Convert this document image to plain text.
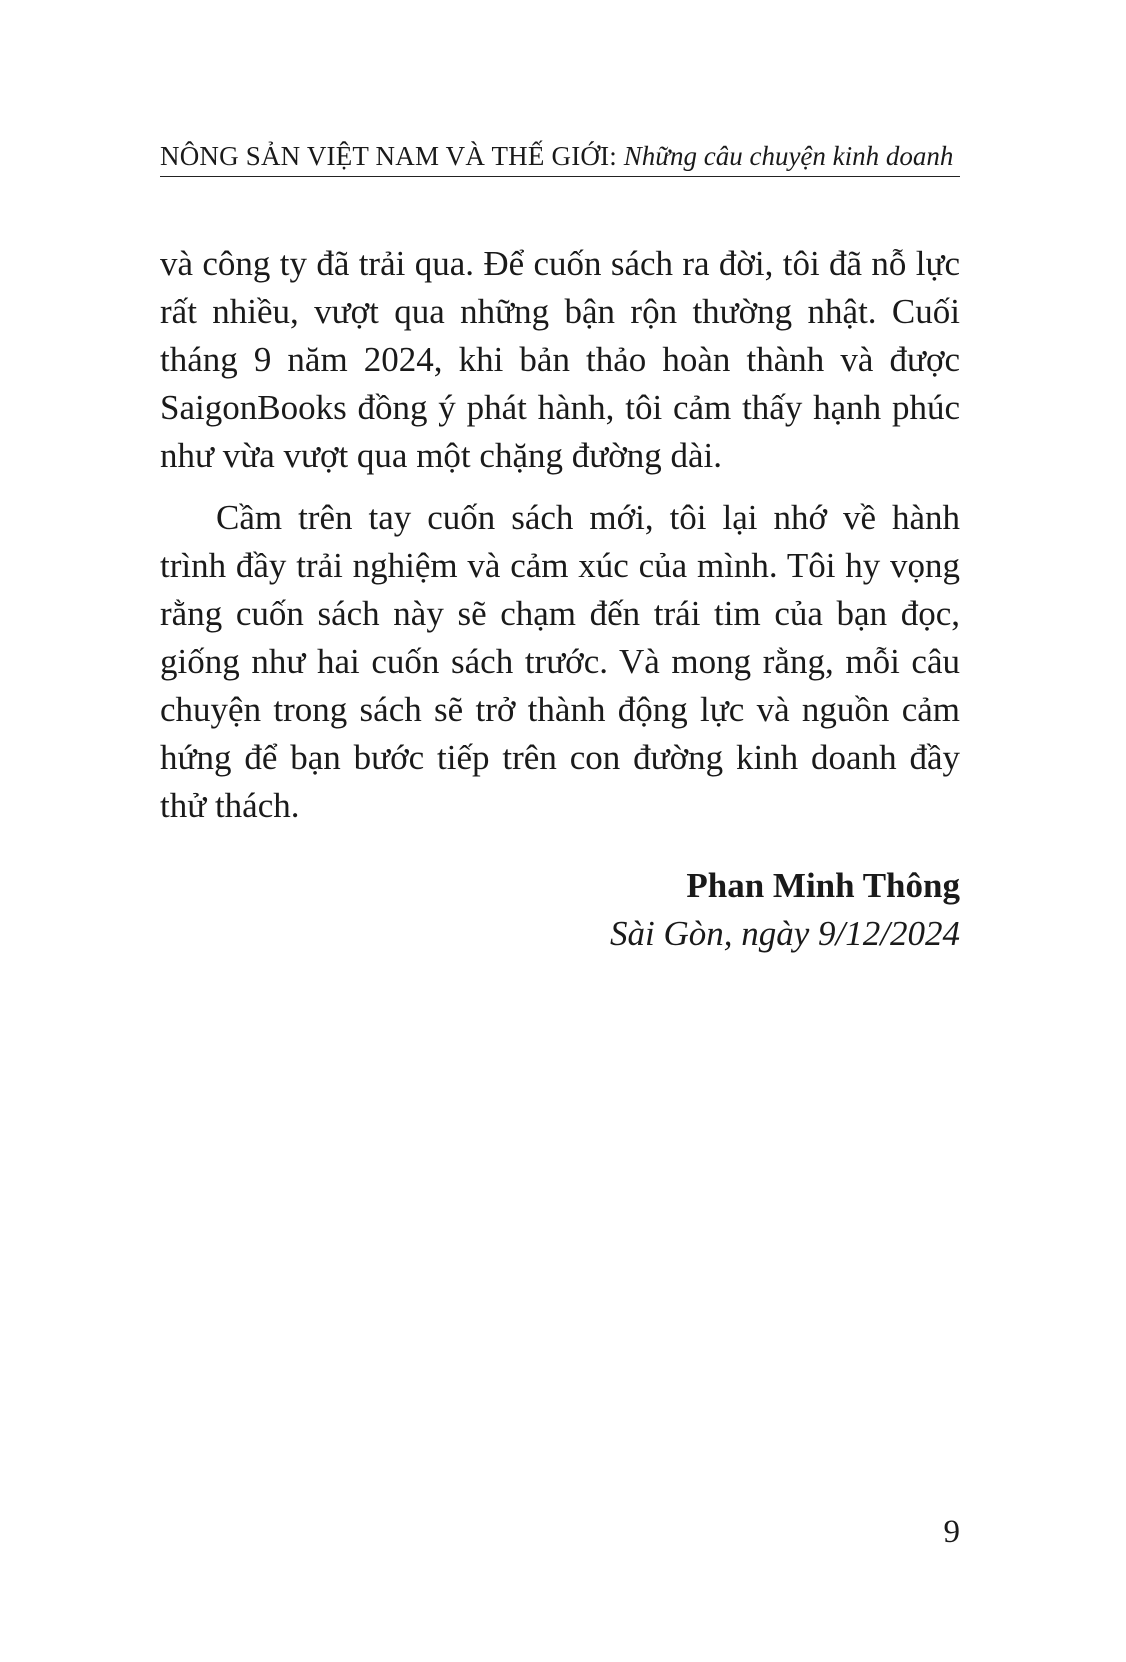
NÔNG SẢN VIỆT NAM VÀ THẾ GIỚI: Những câu chuyện kinh doanh

và công ty đã trải qua. Để cuốn sách ra đời, tôi đã nỗ lực rất nhiều, vượt qua những bận rộn thường nhật. Cuối tháng 9 năm 2024, khi bản thảo hoàn thành và được SaigonBooks đồng ý phát hành, tôi cảm thấy hạnh phúc như vừa vượt qua một chặng đường dài.

Cầm trên tay cuốn sách mới, tôi lại nhớ về hành trình đầy trải nghiệm và cảm xúc của mình. Tôi hy vọng rằng cuốn sách này sẽ chạm đến trái tim của bạn đọc, giống như hai cuốn sách trước. Và mong rằng, mỗi câu chuyện trong sách sẽ trở thành động lực và nguồn cảm hứng để bạn bước tiếp trên con đường kinh doanh đầy thử thách.

Phan Minh Thông
Sài Gòn, ngày 9/12/2024
9
